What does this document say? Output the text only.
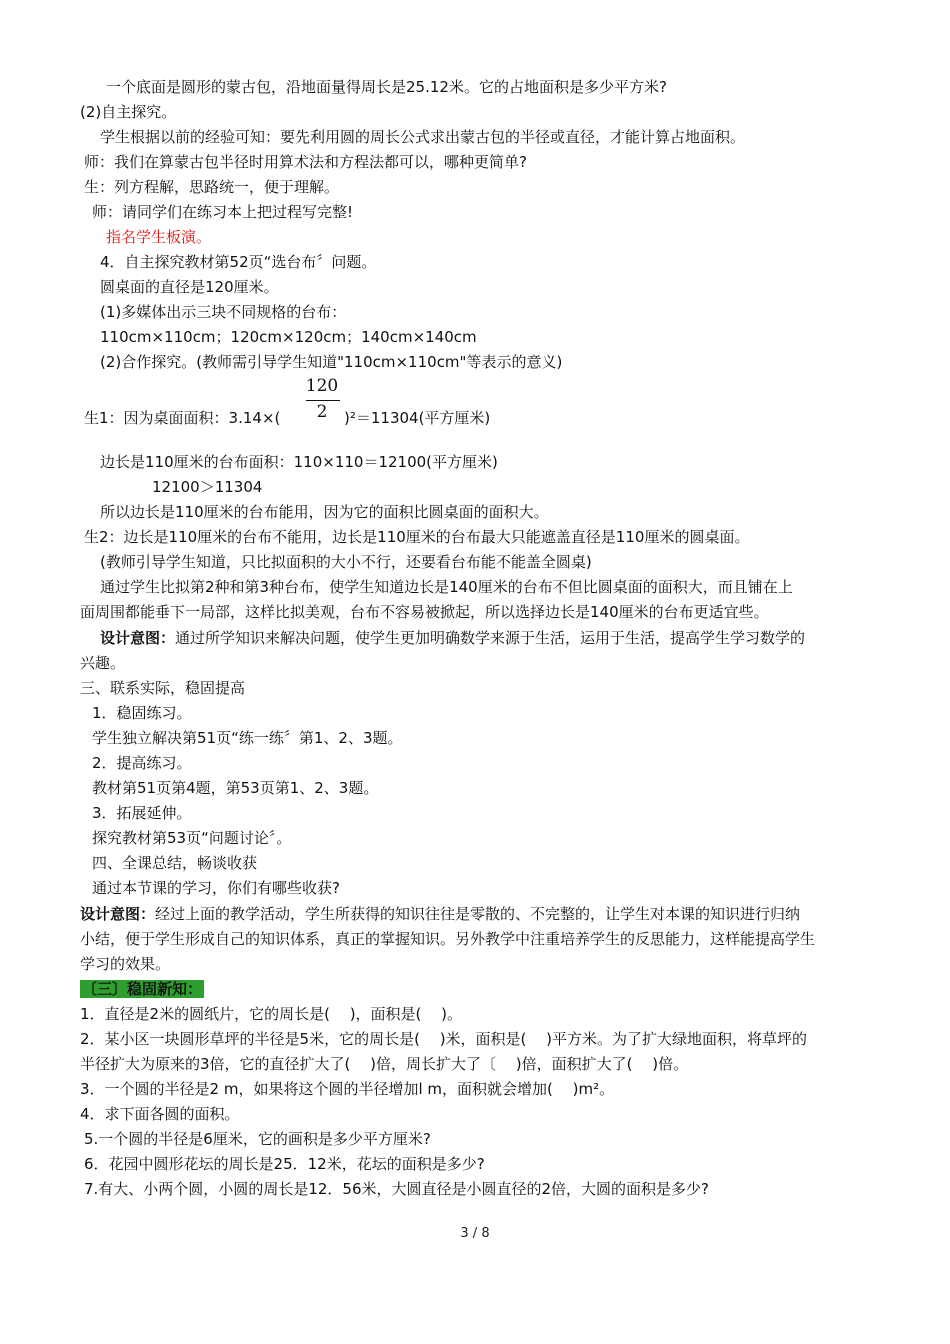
一个底面是圆形的蒙古包，沿地面量得周长是25.12米。它的占地面积是多少平方米?
(2)自主探究。
学生根据以前的经验可知：要先利用圆的周长公式求出蒙古包的半径或直径，才能计算占地面积。
师：我们在算蒙古包半径时用算术法和方程法都可以，哪种更简单?
生：列方程解，思路统一，便于理解。
师：请同学们在练习本上把过程写完整!
指名学生板演。
4．自主探究教材第52页“选台布〞问题。
圆桌面的直径是120厘米。
(1)多媒体出示三块不同规格的台布：
110cm×110cm；120cm×120cm；140cm×140cm
(2)合作探究。(教师需引导学生知道"110cm×110cm"等表示的意义)
120
2
生1：因为桌面面积：3.14×(	)²＝11304(平方厘米)
边长是110厘米的台布面积：110×110＝12100(平方厘米)
12100＞11304
所以边长是110厘米的台布能用，因为它的面积比圆桌面的面积大。
生2：边长是110厘米的台布不能用，边长是110厘米的台布最大只能遮盖直径是110厘米的圆桌面。
(教师引导学生知道，只比拟面积的大小不行，还要看台布能不能盖全圆桌)
通过学生比拟第2种和第3种台布，使学生知道边长是140厘米的台布不但比圆桌面的面积大，而且铺在上
面周围都能垂下一局部，这样比拟美观，台布不容易被掀起，所以选择边长是140厘米的台布更适宜些。
设计意图：通过所学知识来解决问题，使学生更加明确数学来源于生活，运用于生活，提高学生学习数学的
兴趣。
三、联系实际，稳固提高
1．稳固练习。
学生独立解决第51页“练一练〞第1、2、3题。
2．提高练习。
教材第51页第4题，第53页第1、2、3题。
3．拓展延伸。
探究教材第53页“问题讨论〞。
四、全课总结，畅谈收获
通过本节课的学习，你们有哪些收获?
设计意图：经过上面的教学活动，学生所获得的知识往往是零散的、不完整的，让学生对本课的知识进行归纳
小结，便于学生形成自己的知识体系，真正的掌握知识。另外教学中注重培养学生的反思能力，这样能提高学生
学习的效果。
〔三〕稳固新知：
1．直径是2米的圆纸片，它的周长是(　 )，面积是(　 )。
2．某小区一块圆形草坪的半径是5米，它的周长是(　 )米，面积是(　 )平方米。为了扩大绿地面积，将草坪的
半径扩大为原来的3倍，它的直径扩大了(　 )倍，周长扩大了〔　 )倍，面积扩大了(　 )倍。
3．一个圆的半径是2 m，如果将这个圆的半径增加l m，面积就会增加(　 )m²。
4．求下面各圆的面积。
5.一个圆的半径是6厘米，它的画积是多少平方厘米?
6．花园中圆形花坛的周长是25．12米，花坛的面积是多少?
7.有大、小两个圆，小圆的周长是12．56米，大圆直径是小圆直径的2倍，大圆的面积是多少?
3 / 8
